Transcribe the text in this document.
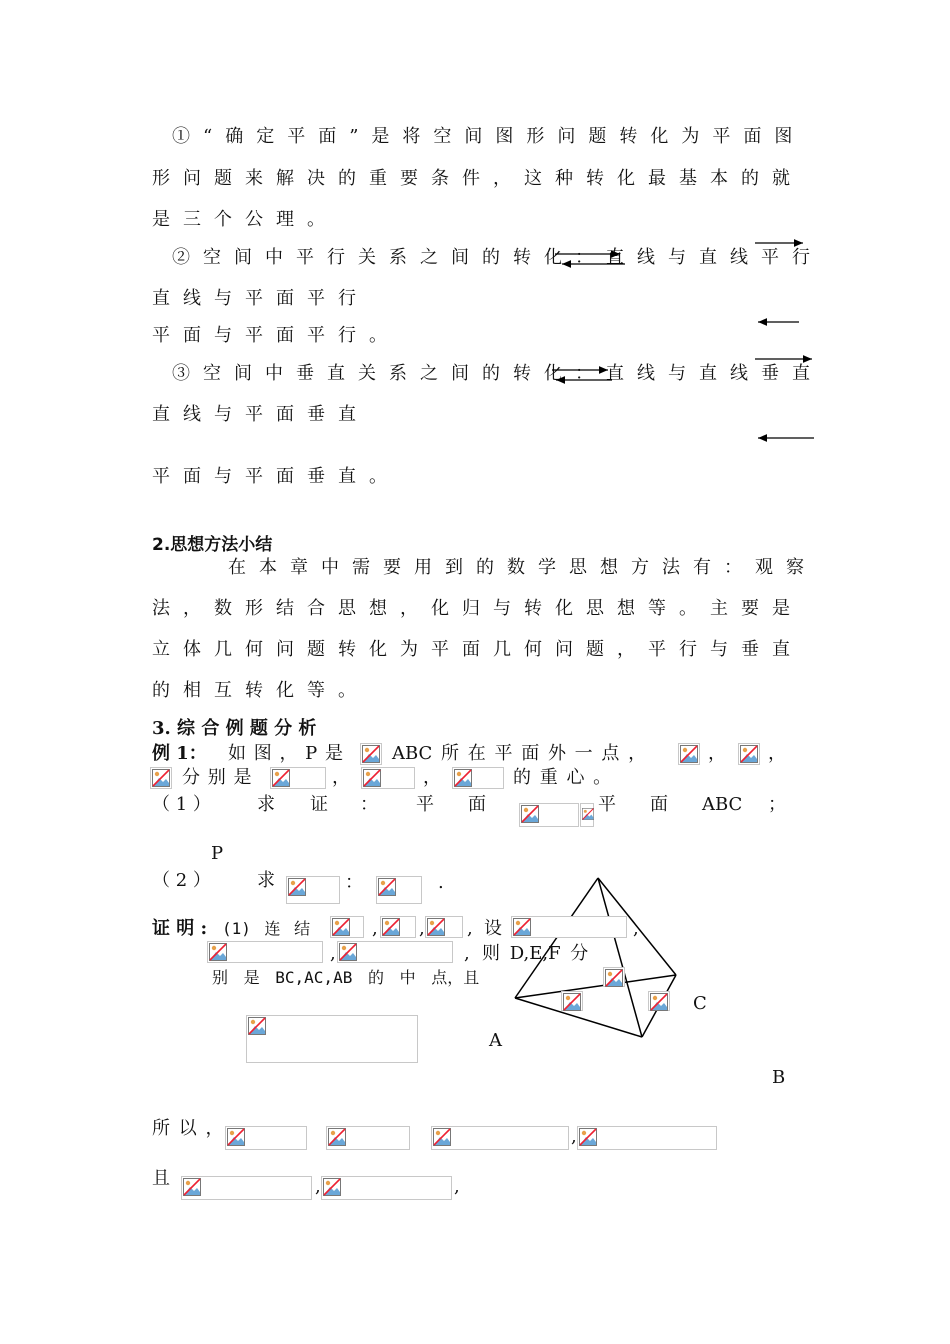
①“确定平面”是将空间图形问题转化为平面图
形问题来解决的重要条件，这种转化最基本的就
是三个公理。
②空间中平行关系之间的转化：直线与直线平行
直线与平面平行
平面与平面平行。
③空间中垂直关系之间的转化：直线与直线垂直
直线与平面垂直
平面与平面垂直。
2.思想方法小结
在本章中需要用到的数学思想方法有：观察
法，数形结合思想，化归与转化思想等。主要是
立体几何问题转化为平面几何问题，平行与垂直
的相互转化等。
3. 综 合 例 题 分 析
例 1： 如 图 ， P 是	ABC 所 在 平 面 外 一 点 ，	， ，
分 别 是	，	，	的 重 心 。
（ 1 ）	求 证 ： 平 面	平 面 ABC ；
P
C
A
B
（ 2 ）	求	：	.
证 明 : (1) 连 结	, , , 设	,
,	, 则 D,E,F 分
别 是 BC,AC,AB 的 中 点，且
所 以 ，	,
且	,	,
